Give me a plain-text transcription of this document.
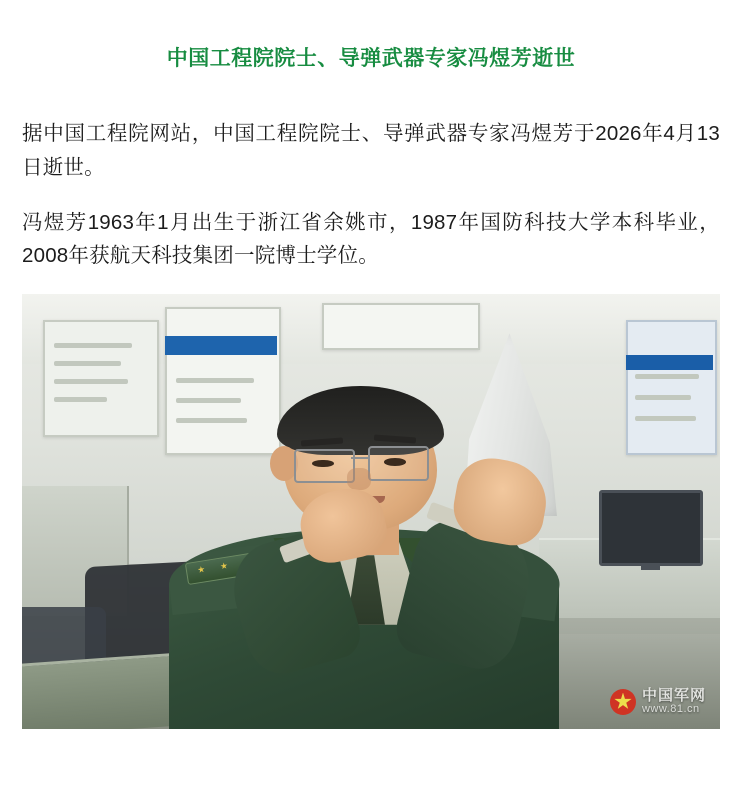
中国工程院院士、导弹武器专家冯煜芳逝世

据中国工程院网站，中国工程院院士、导弹武器专家冯煜芳于2026年4月13日逝世。

冯煜芳1963年1月出生于浙江省余姚市，1987年国防科技大学本科毕业，2008年获航天科技集团一院博士学位。

中国军网
www.81.cn
